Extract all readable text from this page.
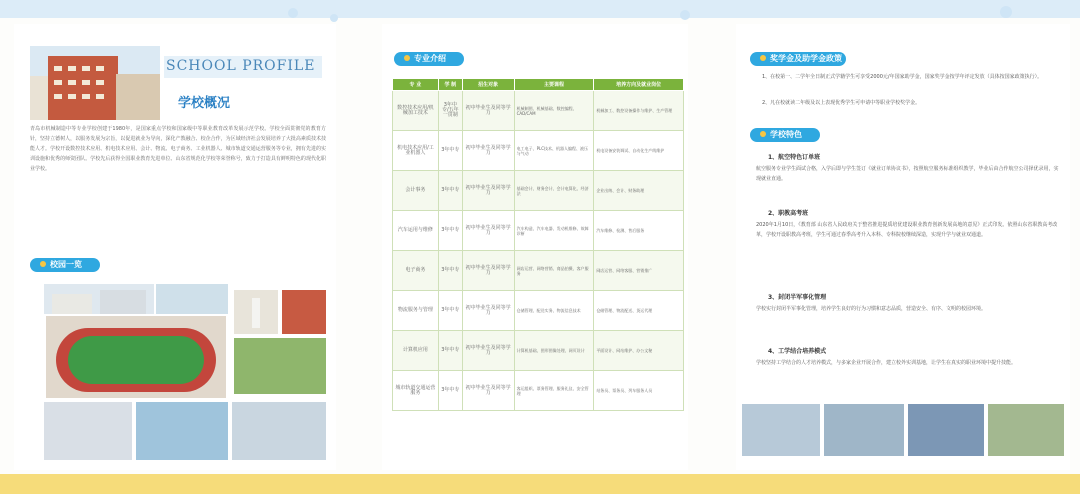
SCHOOL PROFILE
学校概况
青岛市机械制造中等专业学校创建于1980年，是国家重点学校和国家级中等职业教育改革发展示范学校。学校全面贯彻党的教育方针，坚持立德树人，以服务发展为宗旨，以促进就业为导向，深化产教融合、校企合作，为区域经济社会发展培养了大批高素质技术技能人才。学校开设数控技术应用、机电技术应用、会计、物流、电子商务、工业机器人、城市轨道交通运营服务等专业，拥有先进的实训设施和优秀的师资团队。学校先后获得全国职业教育先进单位、山东省规范化学校等荣誉称号，致力于打造具有鲜明特色的现代化职业学校。
校园一览
专业介绍
专 业	学 制	招生对象	主要课程	培养方向及就业岗位
数控技术应用/机械加工技术	3年中专/五年一贯制	初中毕业生及同等学力	机械制图、机械基础、数控编程、CAD/CAM	机械加工、数控设备操作与维护、生产管理
机电技术应用/工业机器人	3年中专	初中毕业生及同等学力	电工电子、PLC技术、机器人编程、液压与气动	机电设备安装调试、自动化生产线维护
会计事务	3年中专	初中毕业生及同等学力	基础会计、财务会计、会计电算化、经济法	企业出纳、会计、财务助理
汽车运用与维修	3年中专	初中毕业生及同等学力	汽车构造、汽车电器、发动机维修、故障诊断	汽车维修、检测、售后服务
电子商务	3年中专	初中毕业生及同等学力	网店运营、网络营销、商品拍摄、客户服务	网店运营、网络客服、营销推广
物流服务与管理	3年中专	初中毕业生及同等学力	仓储管理、配送实务、物流信息技术	仓储管理、物流配送、货运代理
计算机应用	3年中专	初中毕业生及同等学力	计算机基础、图形图像处理、网页设计	平面设计、网站维护、办公文秘
城市轨道交通运营服务	3年中专	初中毕业生及同等学力	客运组织、票务管理、服务礼仪、安全管理	站务员、票务员、列车服务人员
奖学金及助学金政策
1、在校第一、二学年全日制正式学籍学生可享受2000元/年国家助学金，国家奖学金按学年评定发放（具体按国家政策执行）。
2、凡在校就读二年级及以上表现优秀学生可申请中等职业学校奖学金。
学校特色
1、航空特色订单班
航空服务专业学生面试合格，入学后即与学生签订《就业订单协议书》，按照航空服务标准组织教学，毕业后由合作航空公司择优录用，实现就业直通。
2、职教高考班
2020年1月10日，《教育部 山东省人民政府关于整省推进提质培优建设职业教育创新发展高地的意见》正式印发。依照山东省职教高考改革，学校开设职教高考班，学生可通过春季高考升入本科、专科院校继续深造，实现升学与就业双通道。
3、封闭半军事化管理
学校实行封闭半军事化管理，培养学生良好的行为习惯和意志品质，营造安全、有序、文明的校园环境。
4、工学结合培养模式
学校坚持工学结合的人才培养模式，与多家企业开展合作，建立校外实训基地，让学生在真实的职业环境中提升技能。
